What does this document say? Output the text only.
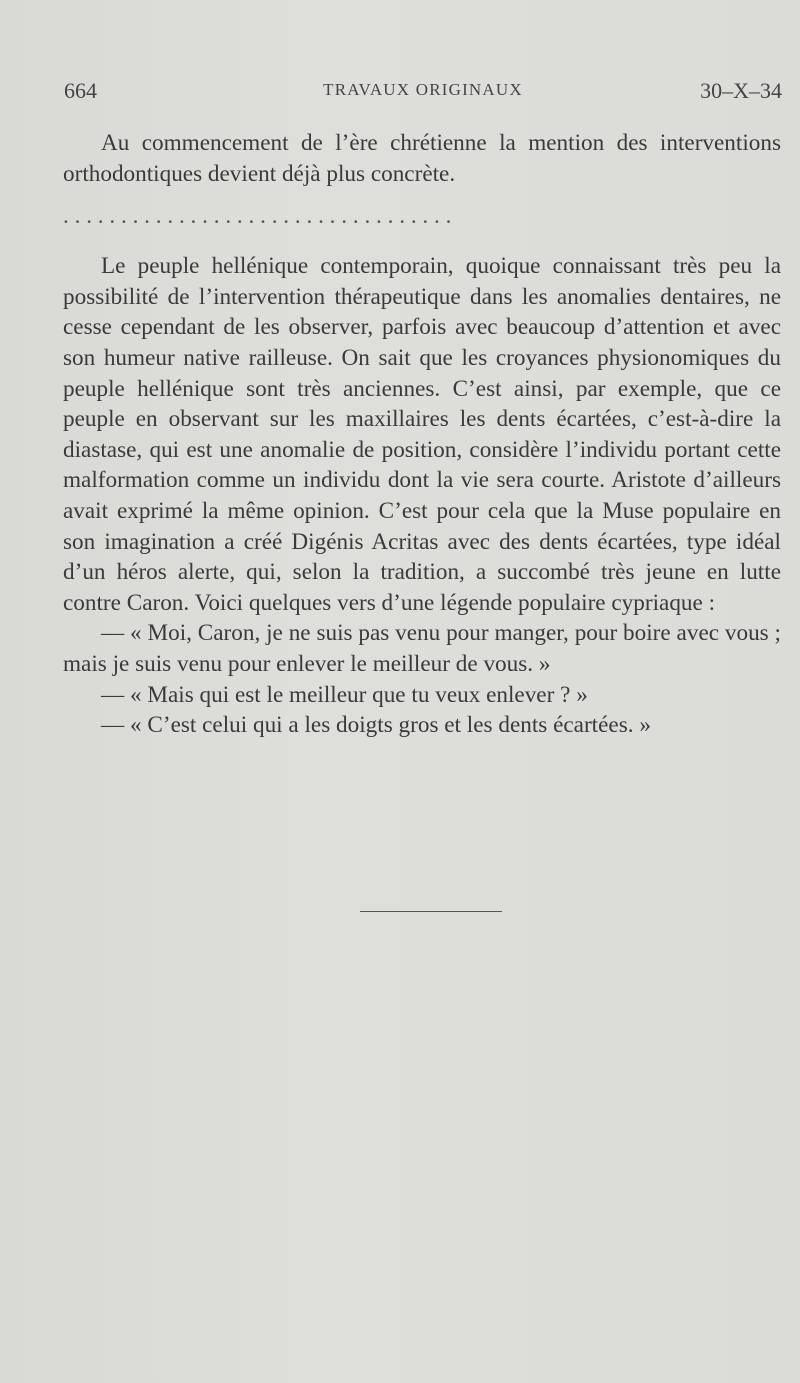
664	TRAVAUX ORIGINAUX	30–X–34

Au commencement de l’ère chrétienne la mention des interventions orthodontiques devient déjà plus concrète.

. . . . . . . . . . . . . . . . . . . . . . . . . . . . . . . . . .

Le peuple hellénique contemporain, quoique connaissant très peu la possibilité de l’intervention thérapeutique dans les anomalies dentaires, ne cesse cependant de les observer, parfois avec beaucoup d’attention et avec son humeur native railleuse. On sait que les croyances physionomiques du peuple hellénique sont très anciennes. C’est ainsi, par exemple, que ce peuple en observant sur les maxillaires les dents écartées, c’est-à-dire la diastase, qui est une anomalie de position, considère l’individu portant cette malformation comme un individu dont la vie sera courte. Aristote d’ailleurs avait exprimé la même opinion. C’est pour cela que la Muse populaire en son imagination a créé Digénis Acritas avec des dents écartées, type idéal d’un héros alerte, qui, selon la tradition, a succombé très jeune en lutte contre Caron. Voici quelques vers d’une légende populaire cypriaque :

— « Moi, Caron, je ne suis pas venu pour manger, pour boire avec vous ; mais je suis venu pour enlever le meilleur de vous. »

— « Mais qui est le meilleur que tu veux enlever ? »

— « C’est celui qui a les doigts gros et les dents écartées. »
